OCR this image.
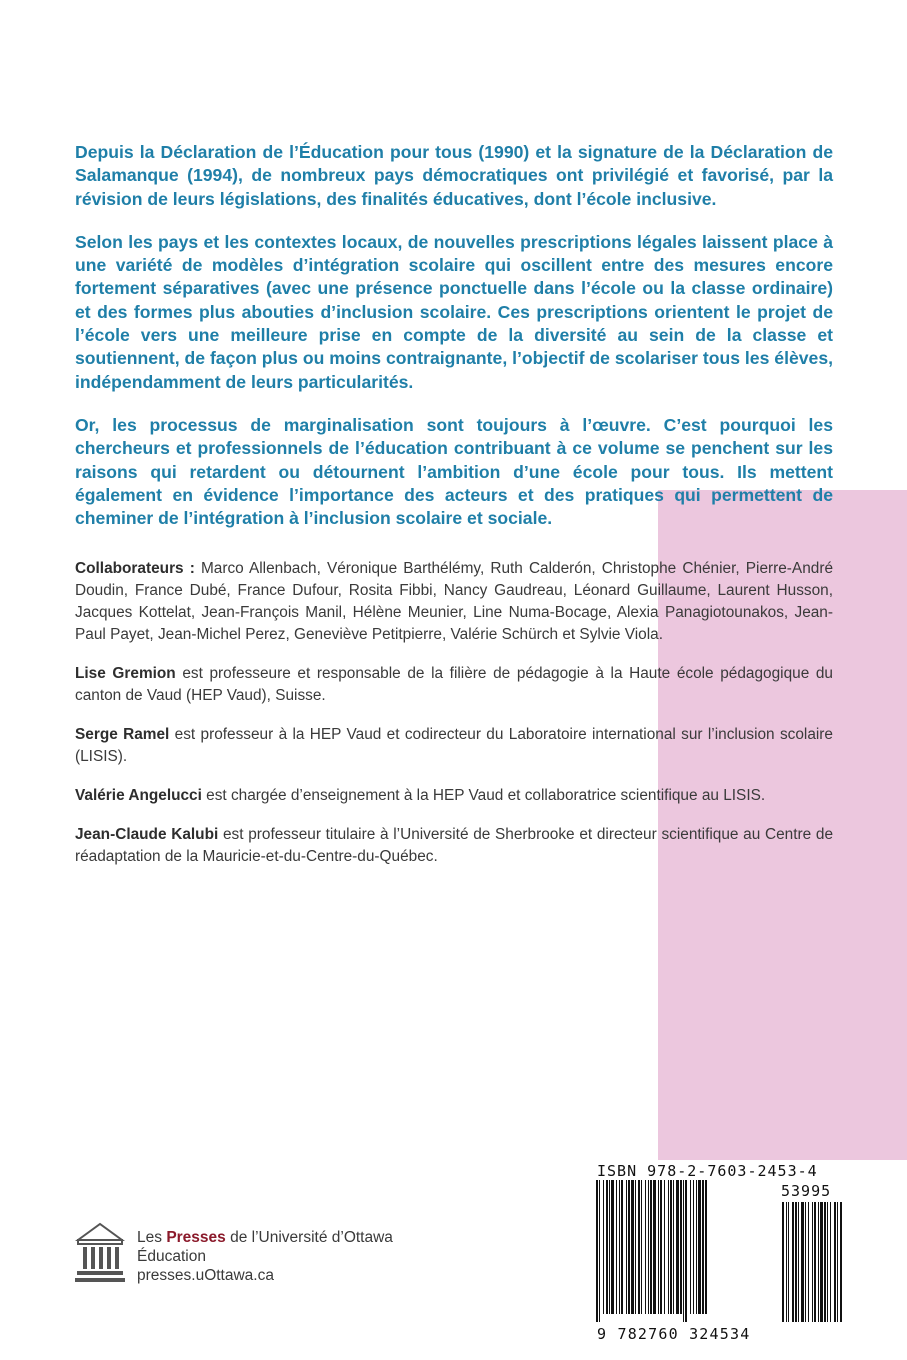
Depuis la Déclaration de l’Éducation pour tous (1990) et la signature de la Déclaration de Salamanque (1994), de nombreux pays démocratiques ont privilégié et favorisé, par la révision de leurs législations, des finalités éducatives, dont l’école inclusive.

Selon les pays et les contextes locaux, de nouvelles prescriptions légales laissent place à une variété de modèles d’intégration scolaire qui oscillent entre des mesures encore fortement séparatives (avec une présence ponctuelle dans l’école ou la classe ordinaire) et des formes plus abouties d’inclusion scolaire. Ces prescriptions orientent le projet de l’école vers une meilleure prise en compte de la diversité au sein de la classe et soutiennent, de façon plus ou moins contraignante, l’objectif de scolariser tous les élèves, indépendamment de leurs particularités.

Or, les processus de marginalisation sont toujours à l’œuvre. C’est pourquoi les chercheurs et professionnels de l’éducation contribuant à ce volume se penchent sur les raisons qui retardent ou détournent l’ambition d’une école pour tous. Ils mettent également en évidence l’importance des acteurs et des pratiques qui permettent de cheminer de l’intégration à l’inclusion scolaire et sociale.

Collaborateurs : Marco Allenbach, Véronique Barthélémy, Ruth Calderón, Christophe Chénier, Pierre-André Doudin, France Dubé, France Dufour, Rosita Fibbi, Nancy Gaudreau, Léonard Guillaume, Laurent Husson, Jacques Kottelat, Jean-François Manil, Hélène Meunier, Line Numa-Bocage, Alexia Panagiotounakos, Jean-Paul Payet, Jean-Michel Perez, Geneviève Petitpierre, Valérie Schürch et Sylvie Viola.

Lise Gremion est professeure et responsable de la filière de pédagogie à la Haute école pédagogique du canton de Vaud (HEP Vaud), Suisse.

Serge Ramel est professeur à la HEP Vaud et codirecteur du Laboratoire international sur l’inclusion scolaire (LISIS).

Valérie Angelucci est chargée d’enseignement à la HEP Vaud et collaboratrice scientifique au LISIS.

Jean-Claude Kalubi est professeur titulaire à l’Université de Sherbrooke et directeur scientifique au Centre de réadaptation de la Mauricie-et-du-Centre-du-Québec.

Les Presses de l’Université d’Ottawa
Éducation
presses.uOttawa.ca
ISBN 978-2-7603-2453-4
53995
9 782760 324534
